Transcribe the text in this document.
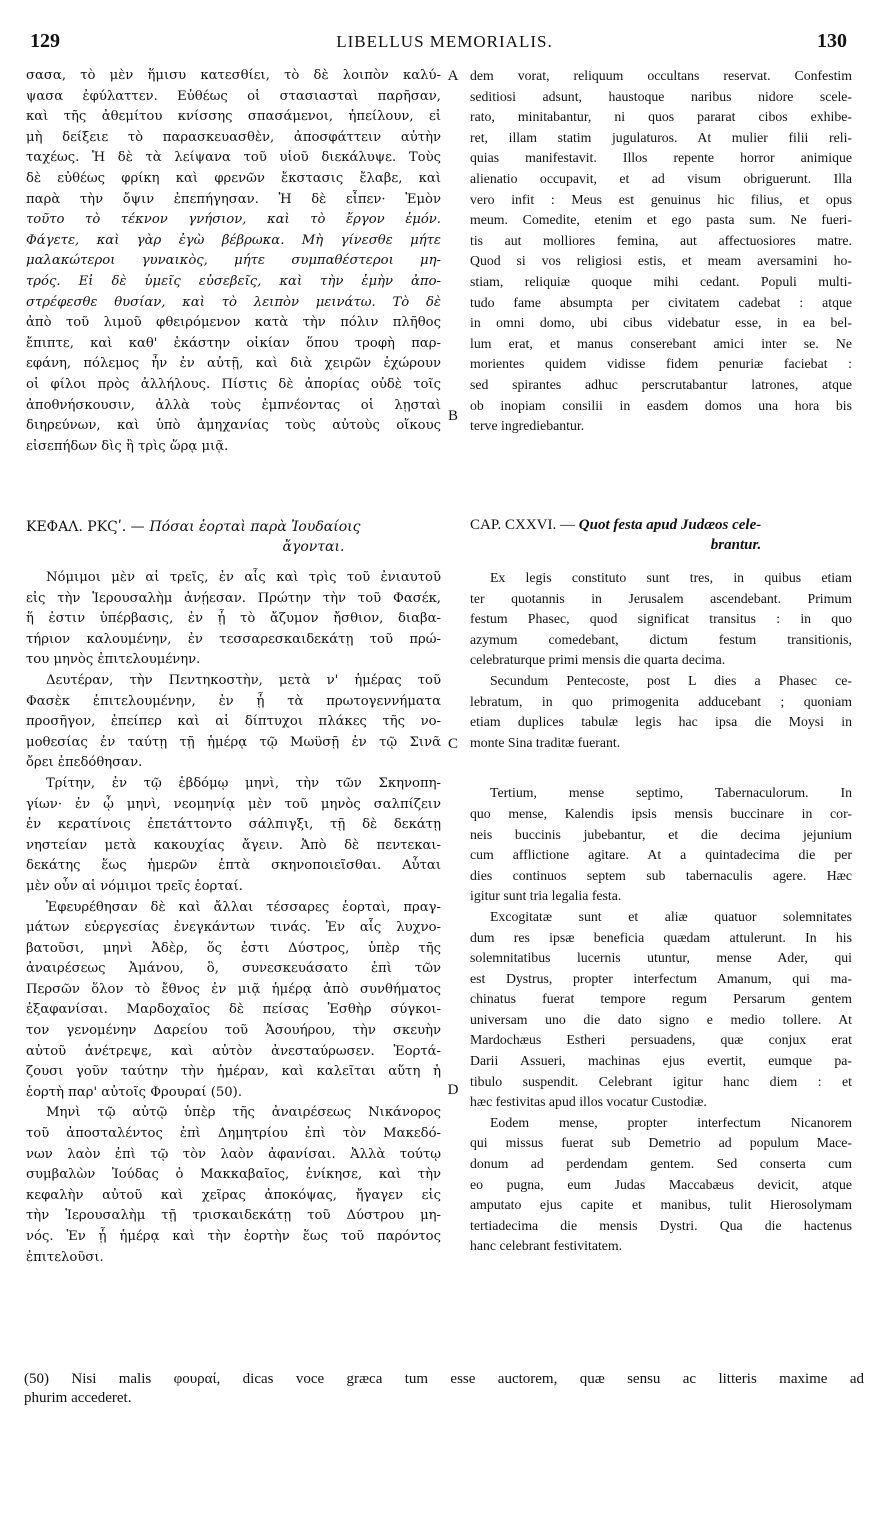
129	LIBELLUS MEMORIALIS.	130
σασα, τὸ μὲν ἥμισυ κατεσθίει, τὸ δὲ λοιπὸν καλύ-
ψασα ἐφύλαττεν. Εὐθέως οἱ στασιασταὶ παρῆσαν,
καὶ τῆς ἀθεμίτου κνίσσης σπασάμενοι, ἠπείλουν, εἰ
μὴ δείξειε τὸ παρασκευασθὲν, ἀποσφάττειν αὐτὴν
ταχέως. Ἡ δὲ τὰ λείψανα τοῦ υἱοῦ διεκάλυψε. Τοὺς
δὲ εὐθέως φρίκη καὶ φρενῶν ἔκστασις ἔλαβε, καὶ
παρὰ τὴν ὄψιν ἐπεπήγησαν. Ἡ δὲ εἶπεν· Ἐμὸν
τοῦτο τὸ τέκνον γνήσιον, καὶ τὸ ἔργον ἐμόν.
Φάγετε, καὶ γὰρ ἐγὼ βέβρωκα. Μὴ γίνεσθε μήτε
μαλακώτεροι γυναικὸς, μήτε συμπαθέστεροι μη-
τρός. Εἰ δὲ ὑμεῖς εὐσεβεῖς, καὶ τὴν ἐμὴν ἀπο-
στρέφεσθε θυσίαν, καὶ τὸ λειπὸν μεινάτω. Τὸ δὲ
ἀπὸ τοῦ λιμοῦ φθειρόμενον κατὰ τὴν πόλιν πλῆθος
ἔπιπτε, καὶ καθ' ἑκάστην οἰκίαν ὅπου τροφὴ παρ-
εφάνη, πόλεμος ἦν ἐν αὐτῇ, καὶ διὰ χειρῶν ἐχώρουν
οἱ φίλοι πρὸς ἀλλήλους. Πίστις δὲ ἀπορίας οὐδὲ τοῖς
ἀποθνήσκουσιν, ἀλλὰ τοὺς ἐμπνέοντας οἱ λῃσταὶ
διηρεύνων, καὶ ὑπὸ ἀμηχανίας τοὺς αὐτοὺς οἴκους
εἰσεπήδων δὶς ἢ τρὶς ὥρᾳ μιᾷ.
dem vorat, reliquum occultans reservat. Confestim
seditiosi adsunt, haustoque naribus nidore scele-
rato, minitabantur, ni quos pararat cibos exhibe-
ret, illam statim jugulaturos. At mulier filii reli-
quias manifestavit. Illos repente horror animique
alienatio occupavit, et ad visum obriguerunt. Illa
vero infit : Meus est genuinus hic filius, et opus
meum. Comedite, etenim et ego pasta sum. Ne fueri-
tis aut molliores femina, aut affectuosiores matre.
Quod si vos religiosi estis, et meam aversamini ho-
stiam, reliquiæ quoque mihi cedant. Populi multi-
tudo fame absumpta per civitatem cadebat : atque
in omni domo, ubi cibus videbatur esse, in ea bel-
lum erat, et manus conserebant amici inter se. Ne
morientes quidem vidisse fidem penuriæ faciebat :
sed spirantes adhuc perscrutabantur latrones, atque
ob inopiam consilii in easdem domos una hora bis
terve ingrediebantur.
A
B
C
D
ΚΕΦΑΛ. ΡΚϚʹ. — Πόσαι ἑορταὶ παρὰ Ἰουδαίοις
ἄγονται.
CAP. CXXVI. — Quot festa apud Judæos cele-
brantur.
Νόμιμοι μὲν αἱ τρεῖς, ἐν αἷς καὶ τρὶς τοῦ ἐνιαυτοῦ
εἰς τὴν Ἱερουσαλὴμ ἀνῄεσαν. Πρώτην τὴν τοῦ Φασέκ,
ἥ ἐστιν ὑπέρβασις, ἐν ᾗ τὸ ἄζυμον ἤσθιον, διαβα-
τήριον καλουμένην, ἐν τεσσαρεσκαιδεκάτῃ τοῦ πρώ-
του μηνὸς ἐπιτελουμένην.
Δευτέραν, τὴν Πεντηκοστὴν, μετὰ ν' ἡμέρας τοῦ
Φασὲκ ἐπιτελουμένην, ἐν ᾗ τὰ πρωτογεννήματα
προσῆγον, ἐπείπερ καὶ αἱ δίπτυχοι πλάκες τῆς νο-
μοθεσίας ἐν ταύτῃ τῇ ἡμέρᾳ τῷ Μωϋσῇ ἐν τῷ Σινᾶ
ὄρει ἐπεδόθησαν.
Τρίτην, ἐν τῷ ἑβδόμῳ μηνὶ, τὴν τῶν Σκηνοπη-
γίων· ἐν ᾧ μηνὶ, νεομηνίᾳ μὲν τοῦ μηνὸς σαλπίζειν
ἐν κερατίνοις ἐπετάττοντο σάλπιγξι, τῇ δὲ δεκάτῃ
νηστείαν μετὰ κακουχίας ἄγειν. Ἀπὸ δὲ πεντεκαι-
δεκάτης ἕως ἡμερῶν ἑπτὰ σκηνοποιεῖσθαι. Αὗται
μὲν οὖν αἱ νόμιμοι τρεῖς ἑορταί.
Ἐφευρέθησαν δὲ καὶ ἄλλαι τέσσαρες ἑορταὶ, πραγ-
μάτων εὐεργεσίας ἐνεγκάντων τινάς. Ἐν αἷς λυχνο-
βατοῦσι, μηνὶ Ἀδὲρ, ὅς ἐστι Δύστρος, ὑπὲρ τῆς
ἀναιρέσεως Ἀμάνου, ὃ, συνεσκευάσατο ἐπὶ τῶν
Περσῶν ὅλον τὸ ἔθνος ἐν μιᾷ ἡμέρᾳ ἀπὸ συνθήματος
ἐξαφανίσαι. Μαρδοχαῖος δὲ πείσας Ἐσθὴρ σύγκοι-
τον γενομένην Δαρείου τοῦ Ἀσουήρου, τὴν σκευὴν
αὐτοῦ ἀνέτρεψε, καὶ αὐτὸν ἀνεσταύρωσεν. Ἑορτά-
ζουσι γοῦν ταύτην τὴν ἡμέραν, καὶ καλεῖται αὕτη ἡ
ἑορτὴ παρ' αὐτοῖς Φρουραί (50).
Μηνὶ τῷ αὐτῷ ὑπὲρ τῆς ἀναιρέσεως Νικάνορος
τοῦ ἀποσταλέντος ἐπὶ Δημητρίου ἐπὶ τὸν Μακεδό-
νων λαὸν ἐπὶ τῷ τὸν λαὸν ἀφανίσαι. Ἀλλὰ τούτῳ
συμβαλὼν Ἰούδας ὁ Μακκαβαῖος, ἐνίκησε, καὶ τὴν
κεφαλὴν αὐτοῦ καὶ χεῖρας ἀποκόψας, ἤγαγεν εἰς
τὴν Ἱερουσαλὴμ τῇ τρισκαιδεκάτῃ τοῦ Δύστρου μη-
νός. Ἐν ᾗ ἡμέρᾳ καὶ τὴν ἑορτὴν ἕως τοῦ παρόντος
ἐπιτελοῦσι.
Ex legis constituto sunt tres, in quibus etiam
ter quotannis in Jerusalem ascendebant. Primum
festum Phasec, quod significat transitus : in quo
azymum comedebant, dictum festum transitionis,
celebraturque primi mensis die quarta decima.
Secundum Pentecoste, post L dies a Phasec ce-
lebratum, in quo primogenita adducebant ; quoniam
etiam duplices tabulæ legis hac ipsa die Moysi in
monte Sina traditæ fuerant.
Tertium, mense septimo, Tabernaculorum. In
quo mense, Kalendis ipsis mensis buccinare in cor-
neis buccinis jubebantur, et die decima jejunium
cum afflictione agitare. At a quintadecima die per
dies continuos septem sub tabernaculis agere. Hæc
igitur sunt tria legalia festa.
Excogitatæ sunt et aliæ quatuor solemnitates
dum res ipsæ beneficia quædam attulerunt. In his
solemnitatibus lucernis utuntur, mense Ader, qui
est Dystrus, propter interfectum Amanum, qui ma-
chinatus fuerat tempore regum Persarum gentem
universam uno die dato signo e medio tollere. At
Mardochæus Estheri persuadens, quæ conjux erat
Darii Assueri, machinas ejus evertit, eumque pa-
tibulo suspendit. Celebrant igitur hanc diem : et
hæc festivitas apud illos vocatur Custodiæ.
Eodem mense, propter interfectum Nicanorem
qui missus fuerat sub Demetrio ad populum Mace-
donum ad perdendam gentem. Sed conserta cum
eo pugna, eum Judas Maccabæus devicit, atque
amputato ejus capite et manibus, tulit Hierosolymam
tertiadecima die mensis Dystri. Qua die hactenus
hanc celebrant festivitatem.
(50) Nisi malis φουραί, dicas voce græca tum esse auctorem, quæ sensu ac litteris maxime ad
phurim accederet.
